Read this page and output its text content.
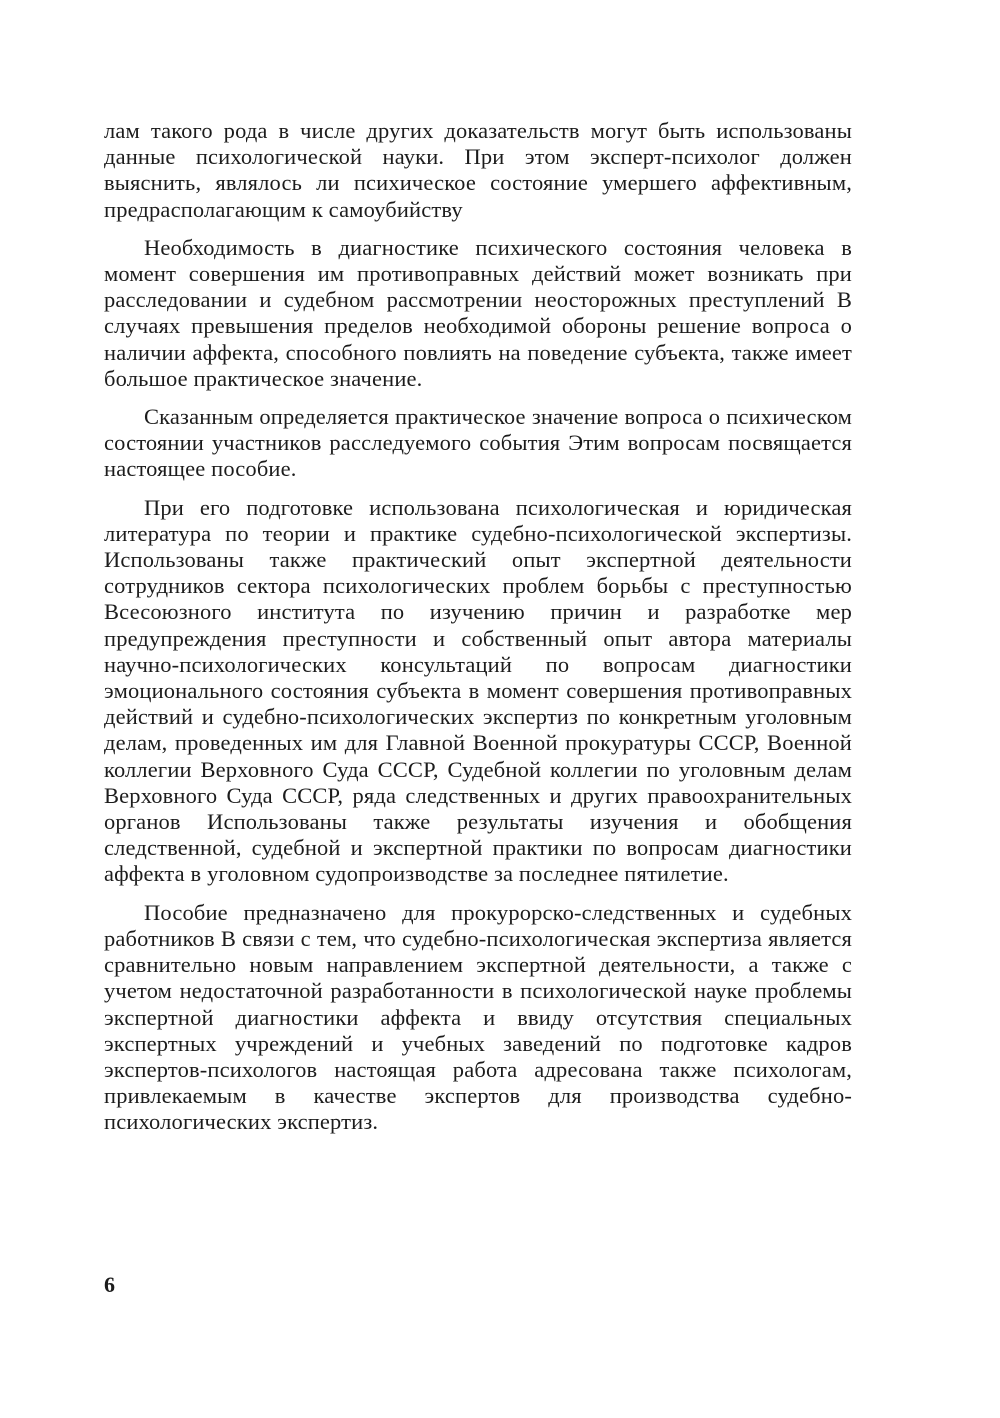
лам такого рода в числе других доказательств могут быть использованы данные психологической науки. При этом эксперт-психолог должен выяснить, являлось ли психическое состояние умершего аффективным, предрасполагающим к самоубийству

Необходимость в диагностике психического состояния человека в момент совершения им противоправных действий может возникать при расследовании и судебном рассмотрении неосторожных преступлений В случаях превышения пределов необходимой обороны решение вопроса о наличии аффекта, способного повлиять на поведение субъекта, также имеет большое практическое значение.

Сказанным определяется практическое значение вопроса о психическом состоянии участников расследуемого события Этим вопросам посвящается настоящее пособие.

При его подготовке использована психологическая и юридическая литература по теории и практике судебно-психологической экспертизы. Использованы также практический опыт экспертной деятельности сотрудников сектора психологических проблем борьбы с преступностью Всесоюзного института по изучению причин и разработке мер предупреждения преступности и собственный опыт автора материалы научно-психологических консультаций по вопросам диагностики эмоционального состояния субъекта в момент совершения противоправных действий и судебно-психологических экспертиз по конкретным уголовным делам, проведенных им для Главной Военной прокуратуры СССР, Военной коллегии Верховного Суда СССР, Судебной коллегии по уголовным делам Верховного Суда СССР, ряда следственных и других правоохранительных органов Использованы также результаты изучения и обобщения следственной, судебной и экспертной практики по вопросам диагностики аффекта в уголовном судопроизводстве за последнее пятилетие.

Пособие предназначено для прокурорско-следственных и судебных работников В связи с тем, что судебно-психологическая экспертиза является сравнительно новым направлением экспертной деятельности, а также с учетом недостаточной разработанности в психологической науке проблемы экспертной диагностики аффекта и ввиду отсутствия специальных экспертных учреждений и учебных заведений по подготовке кадров экспертов-психологов настоящая работа адресована также психологам, привлекаемым в качестве экспертов для производства судебно-психологических экспертиз.

6
